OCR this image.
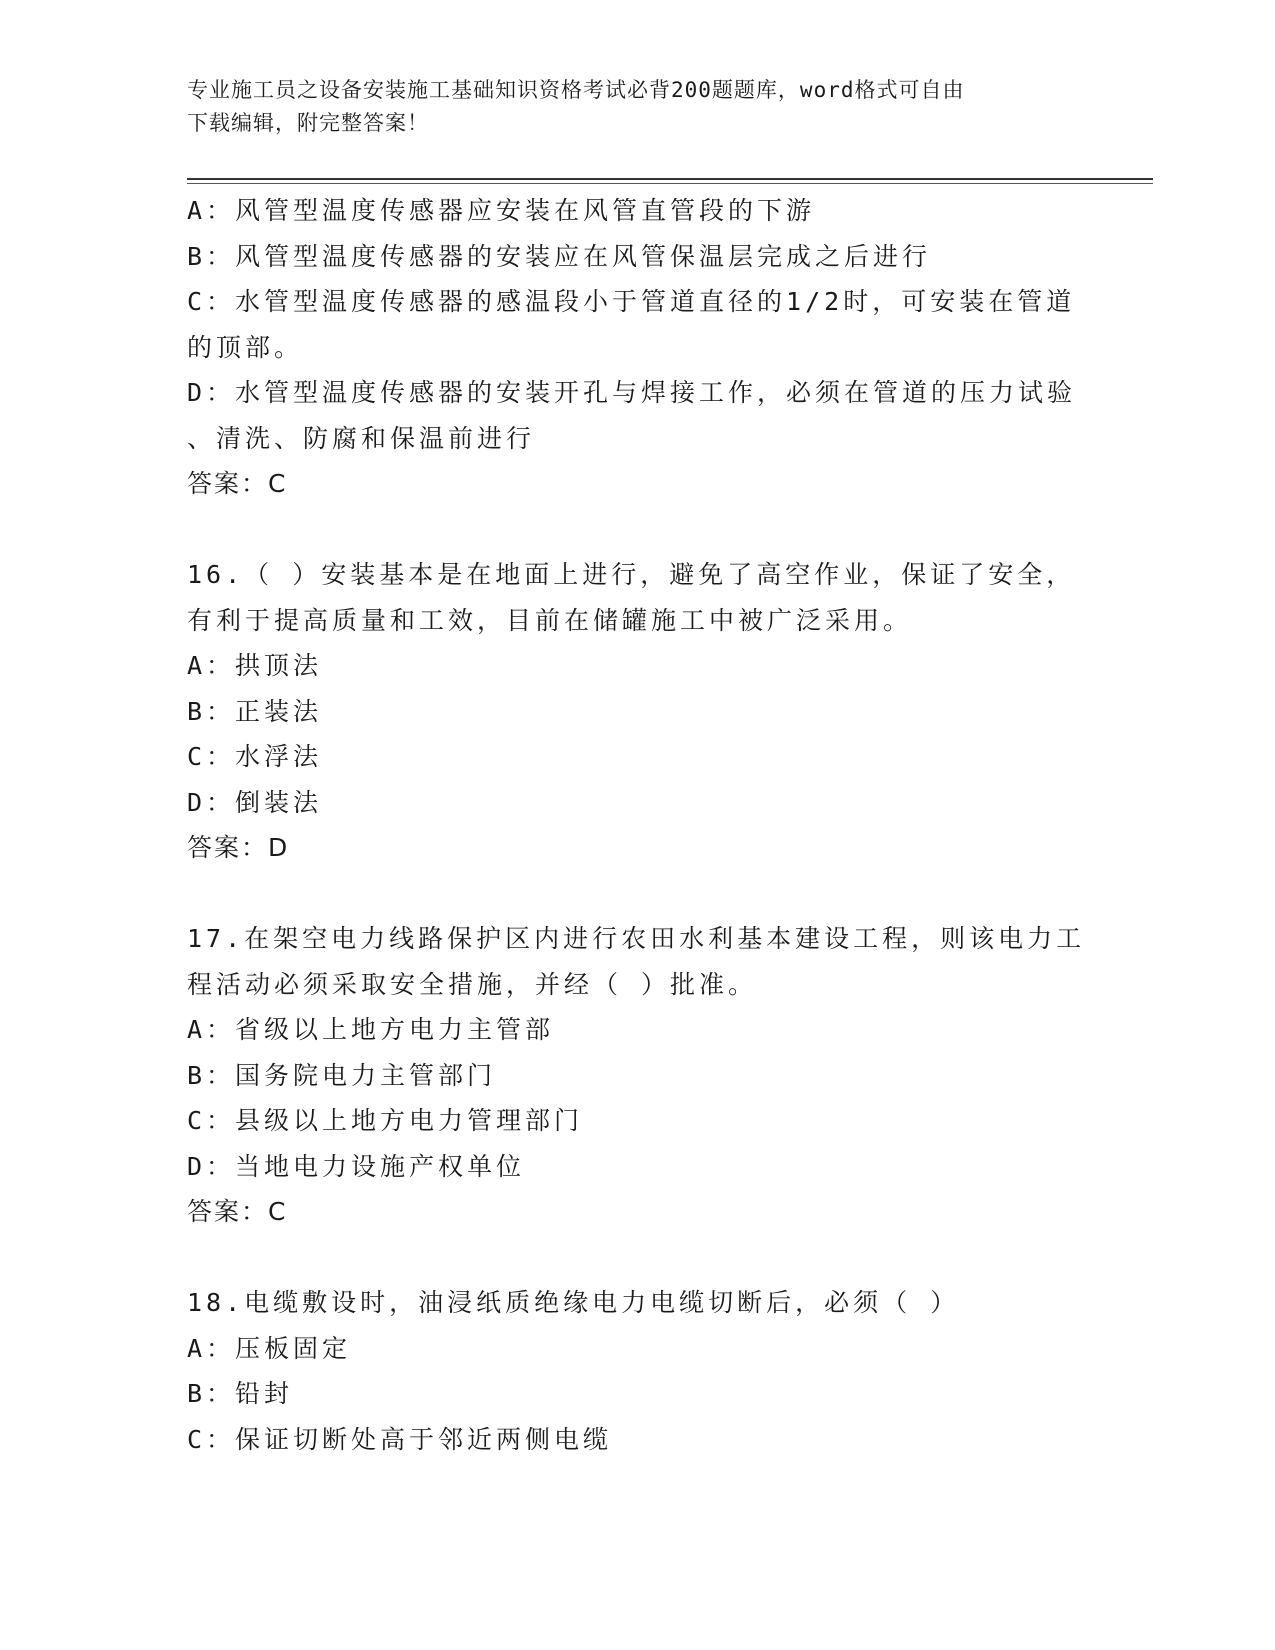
专业施工员之设备安装施工基础知识资格考试必背200题题库，word格式可自由
下载编辑，附完整答案！
A：风管型温度传感器应安装在风管直管段的下游
B：风管型温度传感器的安装应在风管保温层完成之后进行
C：水管型温度传感器的感温段小于管道直径的1/2时，可安装在管道
的顶部。
D：水管型温度传感器的安装开孔与焊接工作，必须在管道的压力试验
、清洗、防腐和保温前进行
答案：C
16.（ ）安装基本是在地面上进行，避免了高空作业，保证了安全，
有利于提高质量和工效，目前在储罐施工中被广泛采用。
A：拱顶法
B：正装法
C：水浮法
D：倒装法
答案：D
17.在架空电力线路保护区内进行农田水利基本建设工程，则该电力工
程活动必须采取安全措施，并经（ ）批准。
A：省级以上地方电力主管部
B：国务院电力主管部门
C：县级以上地方电力管理部门
D：当地电力设施产权单位
答案：C
18.电缆敷设时，油浸纸质绝缘电力电缆切断后，必须（ ）
A：压板固定
B：铅封
C：保证切断处高于邻近两侧电缆
